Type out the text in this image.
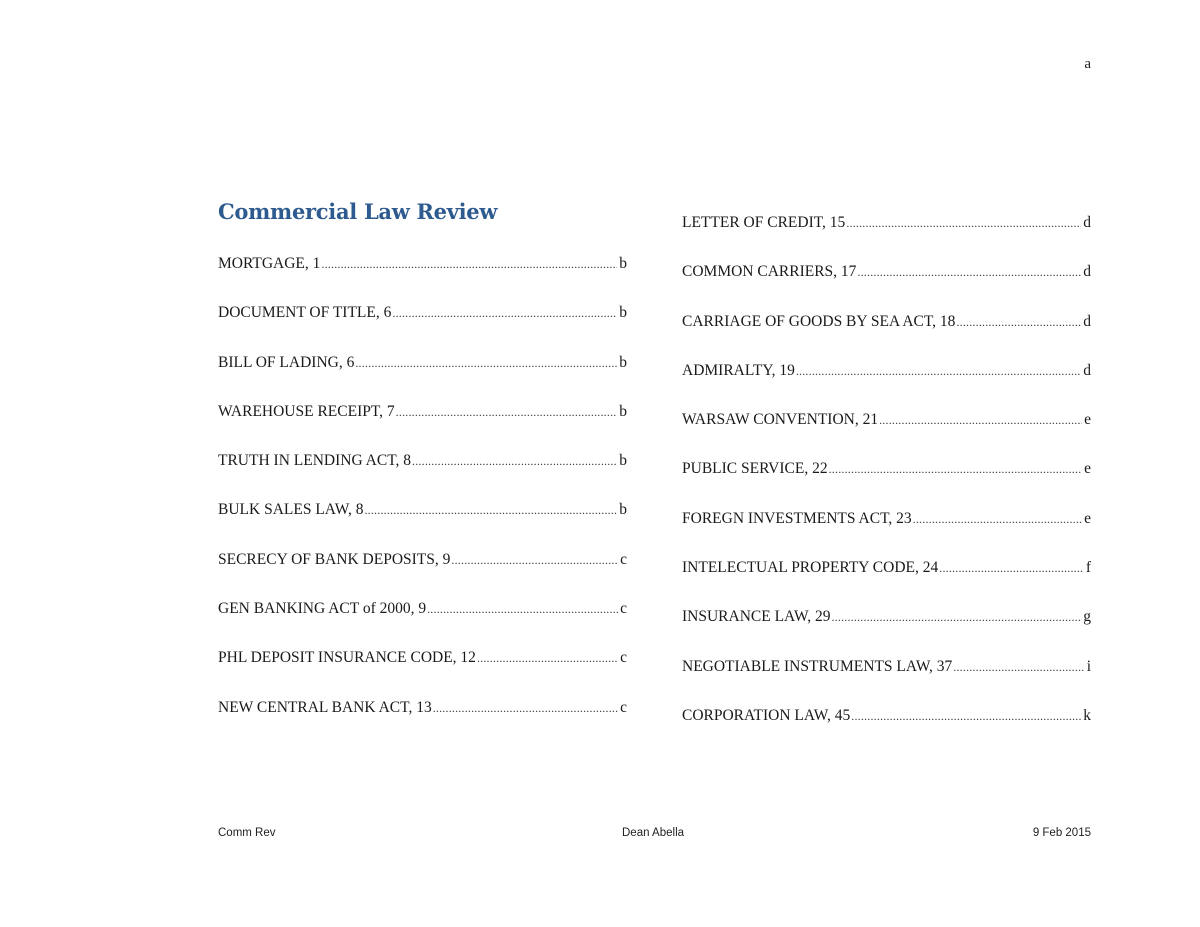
a
Commercial Law Review
MORTGAGE, 1 .....	b
DOCUMENT OF TITLE, 6 .....	b
BILL OF LADING, 6 .....	b
WAREHOUSE RECEIPT, 7 .....	b
TRUTH IN LENDING ACT, 8 .....	b
BULK SALES LAW, 8 .....	b
SECRECY OF BANK DEPOSITS, 9 .....	c
GEN BANKING ACT of 2000, 9 .....	c
PHL DEPOSIT INSURANCE CODE, 12 .....	c
NEW CENTRAL BANK ACT, 13 .....	c
LETTER OF CREDIT, 15 .....	d
COMMON CARRIERS, 17 .....	d
CARRIAGE OF GOODS BY SEA ACT, 18 .....	d
ADMIRALTY, 19 .....	d
WARSAW CONVENTION, 21 .....	e
PUBLIC SERVICE, 22 .....	e
FOREGN INVESTMENTS ACT, 23 .....	e
INTELECTUAL PROPERTY CODE, 24 .....	f
INSURANCE LAW, 29 .....	g
NEGOTIABLE INSTRUMENTS LAW, 37 .....	i
CORPORATION LAW, 45 .....	k
Comm Rev	Dean Abella	9 Feb 2015
